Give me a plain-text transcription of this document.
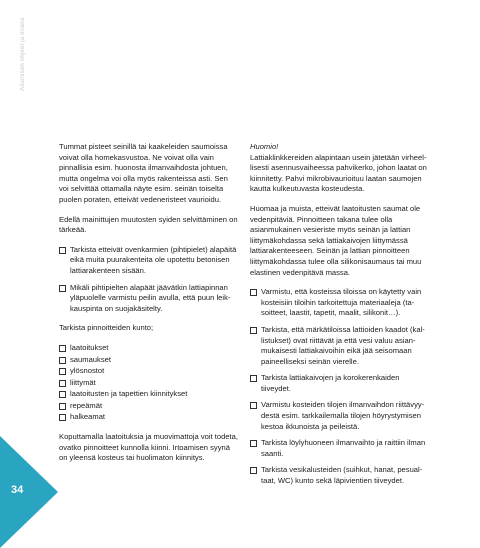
Asumisen ohjeet ja eväitä

Tummat pisteet seinillä tai kaakeleiden saumoissa voivat olla homekasvustoa. Ne voivat olla vain pinnallisia esim. huonosta ilmanvaihdosta johtuen, mutta ongelma voi olla myös rakenteissa asti. Sen voi selvittää ottamalla näyte esim. seinän toiselta puolen poraten, etteivät vedeneristeet vaurioidu.

Edellä mainittujen muutosten syiden selvittäminen on tärkeää.

Tarkista etteivät ovenkarmien (pihtipielet) alapäitä eikä muita puurakenteita ole upotettu betonisen lattiarakenteen sisään.
Mikäli pihtipielten alapäät jäävätkin lattiapinnan yläpuolelle varmistu peilin avulla, että puun leikkauspinta on suojakäsitelty.

Tarkista pinnoitteiden kunto;

laatoitukset
saumaukset
ylösnostot
liittymät
laatoitusten ja tapettien kiinnitykset
repeämät
halkeamat

Koputtamalla laatoituksia ja muovimattoja voit todeta, ovatko pinnoitteet kunnolla kiinni. Irtoamisen syynä on yleensä kosteus tai huolimaton kiinnitys.

Huomio!

Lattiaklinkkereiden alapintaan usein jätetään virheellisesti asennusvaiheessa pahvikerko, johon laatat on kiinnitetty. Pahvi mikrobivaurioituu laatan saumojen kautta kulkeutuvasta kosteudesta.

Huomaa ja muista, etteivät laatoitusten saumat ole vedenpitäviä. Pinnoitteen takana tulee olla asianmukainen vesieriste myös seinän ja lattian liittymäkohdassa sekä lattiakaivojen liittymässä lattiarakenteeseen. Seinän ja lattian pinnoitteen liittymäkohdassa tulee olla silikonisaumaus tai muu elastinen vedenpitävä massa.

Varmistu, että kosteissa tiloissa on käytetty vain kosteisiin tiloihin tarkoitettuja materiaaleja (tasoitteet, laastit, tapetit, maalit, silikonit…).
Tarkista, että märkätiloissa lattioiden kaadot (kallistukset) ovat riittävät ja että vesi valuu asianmukaisesti lattiakaivoihin eikä jää seisomaan paineelliseksi seinän vierelle.
Tarkista lattiakaivojen ja korokerenkaiden tiiveydet.
Varmistu kosteiden tilojen ilmanvaihdon riittävyydestä esim. tarkkailemalla tilojen höyrystymisen kestoa ikkunoista ja peileistä.
Tarkista löylyhuoneen ilmanvaihto ja raittiin ilman saanti.
Tarkista vesikalusteiden (suihkut, hanat, pesualtaat, WC) kunto sekä läpivientien tiiveydet.
34
